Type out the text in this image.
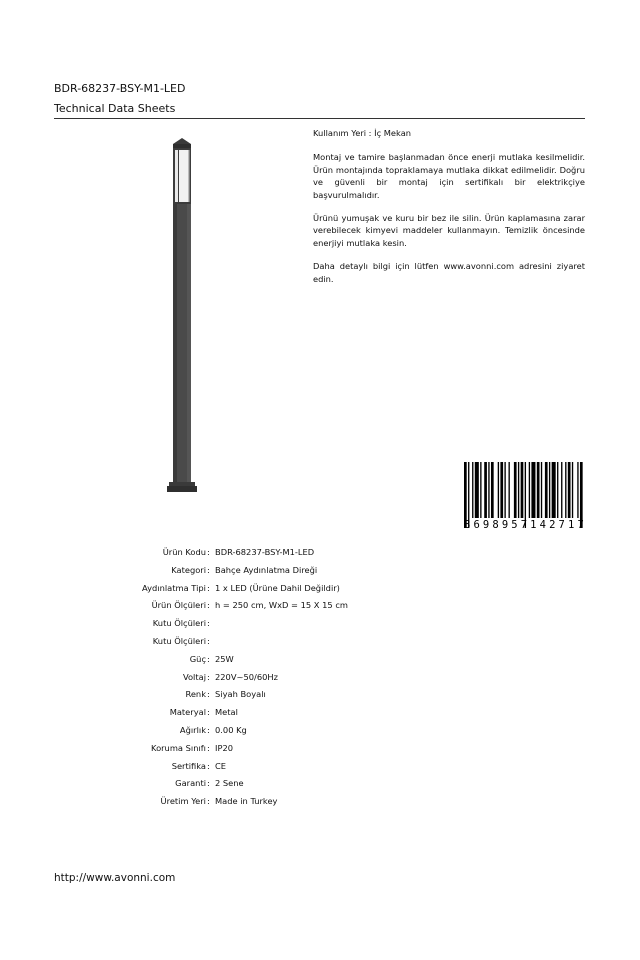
BDR-68237-BSY-M1-LED
Technical Data Sheets

Kullanım Yeri : İç Mekan

Montaj ve tamire başlanmadan önce enerji mutlaka kesilmelidir. Ürün montajında topraklamaya mutlaka dikkat edilmelidir. Doğru ve güvenli bir montaj için sertifikalı bir elektrikçiye başvurulmalıdır.

Ürünü yumuşak ve kuru bir bez ile silin. Ürün kaplamasına zarar verebilecek kimyevi maddeler kullanmayın. Temizlik öncesinde enerjiyi mutlaka kesin.

Daha detaylı bilgi için lütfen www.avonni.com adresini ziyaret edin.

8 6 9 8 9 5 7 1 4 2 7 1 7
Ürün Kodu : BDR-68237-BSY-M1-LED
Kategori : Bahçe Aydınlatma Direği
Aydınlatma Tipi : 1 x LED (Ürüne Dahil Değildir)
Ürün Ölçüleri : h = 250 cm, WxD = 15 X 15 cm
Kutu Ölçüleri :
Kutu Ölçüleri :
Güç : 25W
Voltaj : 220V~50/60Hz
Renk : Siyah Boyalı
Materyal : Metal
Ağırlık : 0.00 Kg
Koruma Sınıfı : IP20
Sertifika : CE
Garanti : 2 Sene
Üretim Yeri : Made in Turkey
http://www.avonni.com
